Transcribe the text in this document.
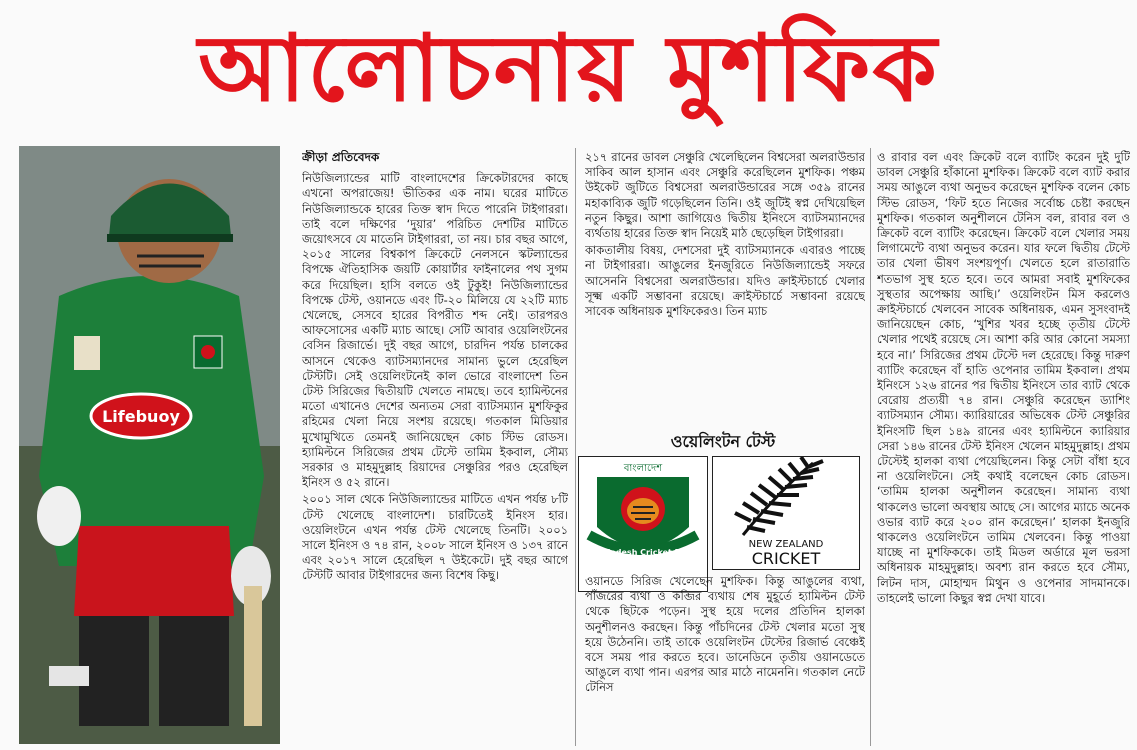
আলোচনায় মুশফিক
Lifebuoy
ক্রীড়া প্রতিবেদক

নিউজিল্যান্ডের মাটি বাংলাদেশের ক্রিকেটারদের কাছে এখনো অপরাজেয়! ভীতিকর এক নাম। ঘরের মাটিতে নিউজিল্যান্ডকে হারের তিক্ত স্বাদ দিতে পারেনি টাইগাররা। তাই বলে দক্ষিণের ‘দুয়ার’ পরিচিত দেশটির মাটিতে জয়োৎসবে যে মাতেনি টাইগাররা, তা নয়। চার বছর আগে, ২০১৫ সালের বিশ্বকাপ ক্রিকেটে নেলসনে স্কটল্যান্ডের বিপক্ষে ঐতিহাসিক জয়টি কোয়ার্টার ফাইনালের পথ সুগম করে দিয়েছিল। হাসি বলতে ওই টুকুই! নিউজিল্যান্ডের বিপক্ষে টেস্ট, ওয়ানডে এবং টি-২০ মিলিয়ে যে ২২টি ম্যাচ খেলেছে, সেসবে হারের বিপরীত শব্দ নেই। তারপরও আফসোসের একটি ম্যাচ আছে। সেটি আবার ওয়েলিংটনের বেসিন রিজার্ভে। দুই বছর আগে, চারদিন পর্যন্ত চালকের আসনে থেকেও ব্যাটসম্যানদের সামান্য ভুলে হেরেছিল টেস্টটি। সেই ওয়েলিংটনেই কাল ভোরে বাংলাদেশ তিন টেস্ট সিরিজের দ্বিতীয়টি খেলতে নামছে। তবে হ্যামিল্টনের মতো এখানেও দেশের অন্যতম সেরা ব্যাটসম্যান মুশফিকুর রহিমের খেলা নিয়ে সংশয় রয়েছে। গতকাল মিডিয়ার মুখোমুখিতে তেমনই জানিয়েছেন কোচ স্টিভ রোডস। হ্যামিল্টনে সিরিজের প্রথম টেস্টে তামিম ইকবাল, সৌম্য সরকার ও মাহমুদুল্লাহ রিয়াদের সেঞ্চুরির পরও হেরেছিল ইনিংস ও ৫২ রানে।

২০০১ সাল থেকে নিউজিল্যান্ডের মাটিতে এখন পর্যন্ত ৮টি টেস্ট খেলেছে বাংলাদেশ। চারটিতেই ইনিংস হার। ওয়েলিংটনে এখন পর্যন্ত টেস্ট খেলেছে তিনটি। ২০০১ সালে ইনিংস ও ৭৪ রান, ২০০৮ সালে ইনিংস ও ১৩৭ রানে এবং ২০১৭ সালে হেরেছিল ৭ উইকেটে। দুই বছর আগে টেস্টটি আবার টাইগারদের জন্য বিশেষ কিছু।

২১৭ রানের ডাবল সেঞ্চুরি খেলেছিলেন বিশ্বসেরা অলরাউন্ডার সাকিব আল হাসান এবং সেঞ্চুরি করেছিলেন মুশফিক। পঞ্চম উইকেট জুটিতে বিশ্বসেরা অলরাউন্ডারের সঙ্গে ৩৫৯ রানের মহাকাব্যিক জুটি গড়েছিলেন তিনি। ওই জুটিই স্বপ্ন দেখিয়েছিল নতুন কিছুর। আশা জাগিয়েও দ্বিতীয় ইনিংসে ব্যাটসম্যানদের ব্যর্থতায় হারের তিক্ত স্বাদ নিয়েই মাঠ ছেড়েছিল টাইগাররা।

কাকতালীয় বিষয়, দেশসেরা দুই ব্যাটসম্যানকে এবারও পাচ্ছে না টাইগাররা। আঙুলের ইনজুরিতে নিউজিল্যান্ডেই সফরে আসেননি বিশ্বসেরা অলরাউন্ডার। যদিও ক্রাইস্টচার্চে খেলার সূক্ষ্ম একটি সম্ভাবনা রয়েছে। ক্রাইস্টচার্চে সম্ভাবনা রয়েছে সাবেক অধিনায়ক মুশফিকেরও। তিন ম্যাচ

ওয়েলিংটন টেস্ট
বাংলাদেশ
Bangladesh Cricket Board
NEW ZEALAND
CRICKET

ওয়ানডে সিরিজ খেলেছেন মুশফিক। কিন্তু আঙুলের ব্যথা, পাঁজরের ব্যথা ও কব্জির ব্যথায় শেষ মুহূর্তে হ্যামিল্টন টেস্ট থেকে ছিটকে পড়েন। সুস্থ হয়ে দলের প্রতিদিন হালকা অনুশীলনও করছেন। কিন্তু পাঁচদিনের টেস্ট খেলার মতো সুস্থ হয়ে উঠেননি। তাই তাকে ওয়েলিংটন টেস্টের রিজার্ভ বেঞ্চেই বসে সময় পার করতে হবে। ডানেডিনে তৃতীয় ওয়ানডেতে আঙুলে ব্যথা পান। এরপর আর মাঠে নামেননি। গতকাল নেটে টেনিস

ও রাবার বল এবং ক্রিকেট বলে ব্যাটিং করেন দুই দুটি ডাবল সেঞ্চুরি হাঁকানো মুশফিক। ক্রিকেট বলে ব্যাট করার সময় আঙুলে ব্যথা অনুভব করেছেন মুশফিক বলেন কোচ স্টিভ রোডস, ‘ফিট হতে নিজের সর্বোচ্চ চেষ্টা করছেন মুশফিক। গতকাল অনুশীলনে টেনিস বল, রাবার বল ও ক্রিকেট বলে ব্যাটিং করেছেন। ক্রিকেট বলে খেলার সময় লিগামেন্টে ব্যথা অনুভব করেন। যার ফলে দ্বিতীয় টেস্টে তার খেলা ভীষণ সংশয়পূর্ণ। খেলতে হলে রাতারাতি শতভাগ সুস্থ হতে হবে। তবে আমরা সবাই মুশফিকের সুস্থতার অপেক্ষায় আছি।’ ওয়েলিংটন মিস করলেও ক্রাইস্টচার্চে খেলবেন সাবেক অধিনায়ক, এমন সুসংবাদই জানিয়েছেন কোচ, ‘খুশির খবর হচ্ছে তৃতীয় টেস্টে খেলার পথেই রয়েছে সে। আশা করি আর কোনো সমস্যা হবে না।’ সিরিজের প্রথম টেস্টে দল হেরেছে। কিন্তু দারুণ ব্যাটিং করেছেন বাঁ হাতি ওপেনার তামিম ইকবাল। প্রথম ইনিংসে ১২৬ রানের পর দ্বিতীয় ইনিংসে তার ব্যাট থেকে বেরোয় প্রত্যয়ী ৭৪ রান। সেঞ্চুরি করেছেন ড্যাশিং ব্যাটসম্যান সৌম্য। ক্যারিয়ারের অভিষেক টেস্ট সেঞ্চুরির ইনিংসটি ছিল ১৪৯ রানের এবং হ্যামিল্টনে ক্যারিয়ার সেরা ১৪৬ রানের টেস্ট ইনিংস খেলেন মাহমুদুল্লাহ। প্রথম টেস্টেই হালকা ব্যথা পেয়েছিলেন। কিন্তু সেটা বাঁধা হবে না ওয়েলিংটনে। সেই কথাই বলেছেন কোচ রোডস। ‘তামিম হালকা অনুশীলন করেছেন। সামান্য ব্যথা থাকলেও ভালো অবস্থায় আছে সে। আগের ম্যাচে অনেক ওভার ব্যাট করে ২০০ রান করেছেন।’ হালকা ইনজুরি থাকলেও ওয়েলিংটনে তামিম খেলবেন। কিন্তু পাওয়া যাচ্ছে না মুশফিককে। তাই মিডল অর্ডারে মূল ভরসা অধিনায়ক মাহমুদুল্লাহ। অবশ্য রান করতে হবে সৌম্য, লিটন দাস, মোহাম্মদ মিথুন ও ওপেনার সাদমানকে। তাহলেই ভালো কিছুর স্বপ্ন দেখা যাবে।
